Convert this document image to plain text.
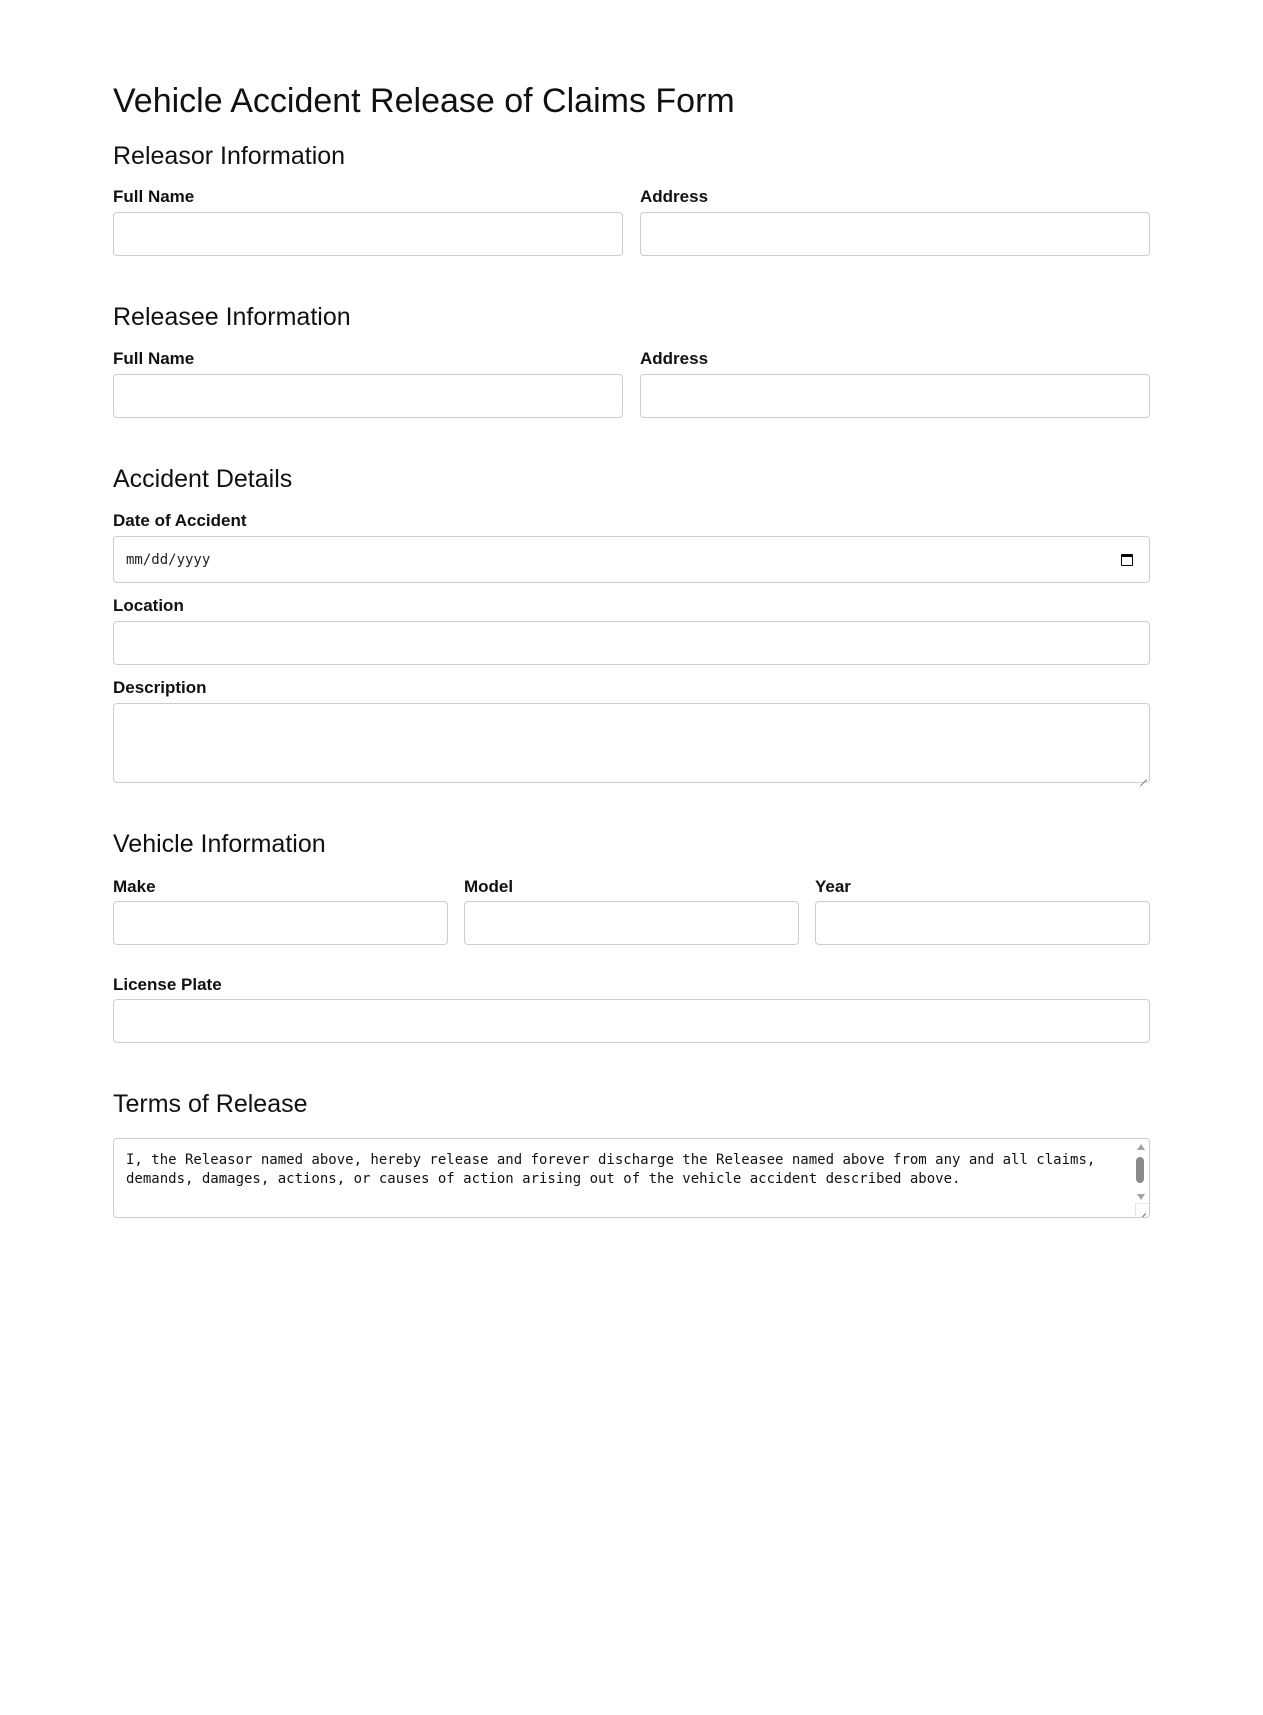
Vehicle Accident Release of Claims Form
Releasor Information
Full Name	Address
Releasee Information
Full Name	Address
Accident Details
Date of Accident
mm/dd/yyyy
Location
Description
Vehicle Information
Make	Model	Year
License Plate
Terms of Release

I, the Releasor named above, hereby release and forever discharge the Releasee named above from any and all claims, demands, damages, actions, or causes of action arising out of the vehicle accident described above.
